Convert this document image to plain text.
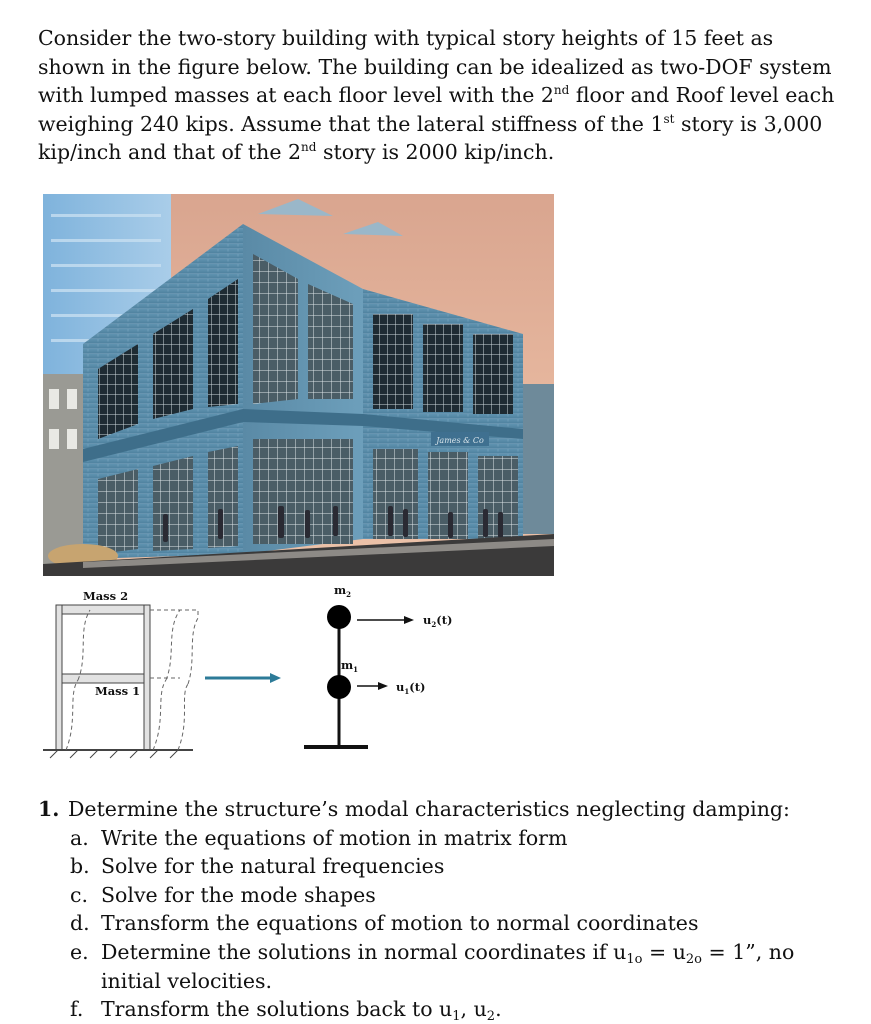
Consider the two-story building with typical story heights of 15 feet as shown in the figure below. The building can be idealized as two-DOF system with lumped masses at each floor level with the 2nd floor and Roof level each weighing 240 kips. Assume that the lateral stiffness of the 1st story is 3,000 kip/inch and that of the 2nd story is 2000 kip/inch.

James & Co
Mass 2
Mass 1
$m_2$
$m_1$
$u_2(t)$
$u_1(t)$
1. Determine the structure’s modal characteristics neglecting damping:
a. Write the equations of motion in matrix form
b. Solve for the natural frequencies
c. Solve for the mode shapes
d. Transform the equations of motion to normal coordinates
e. Determine the solutions in normal coordinates if $u_{1o} = u_{2o} = 1$”, no initial velocities.
f. Transform the solutions back to $u_1$, $u_2$.
